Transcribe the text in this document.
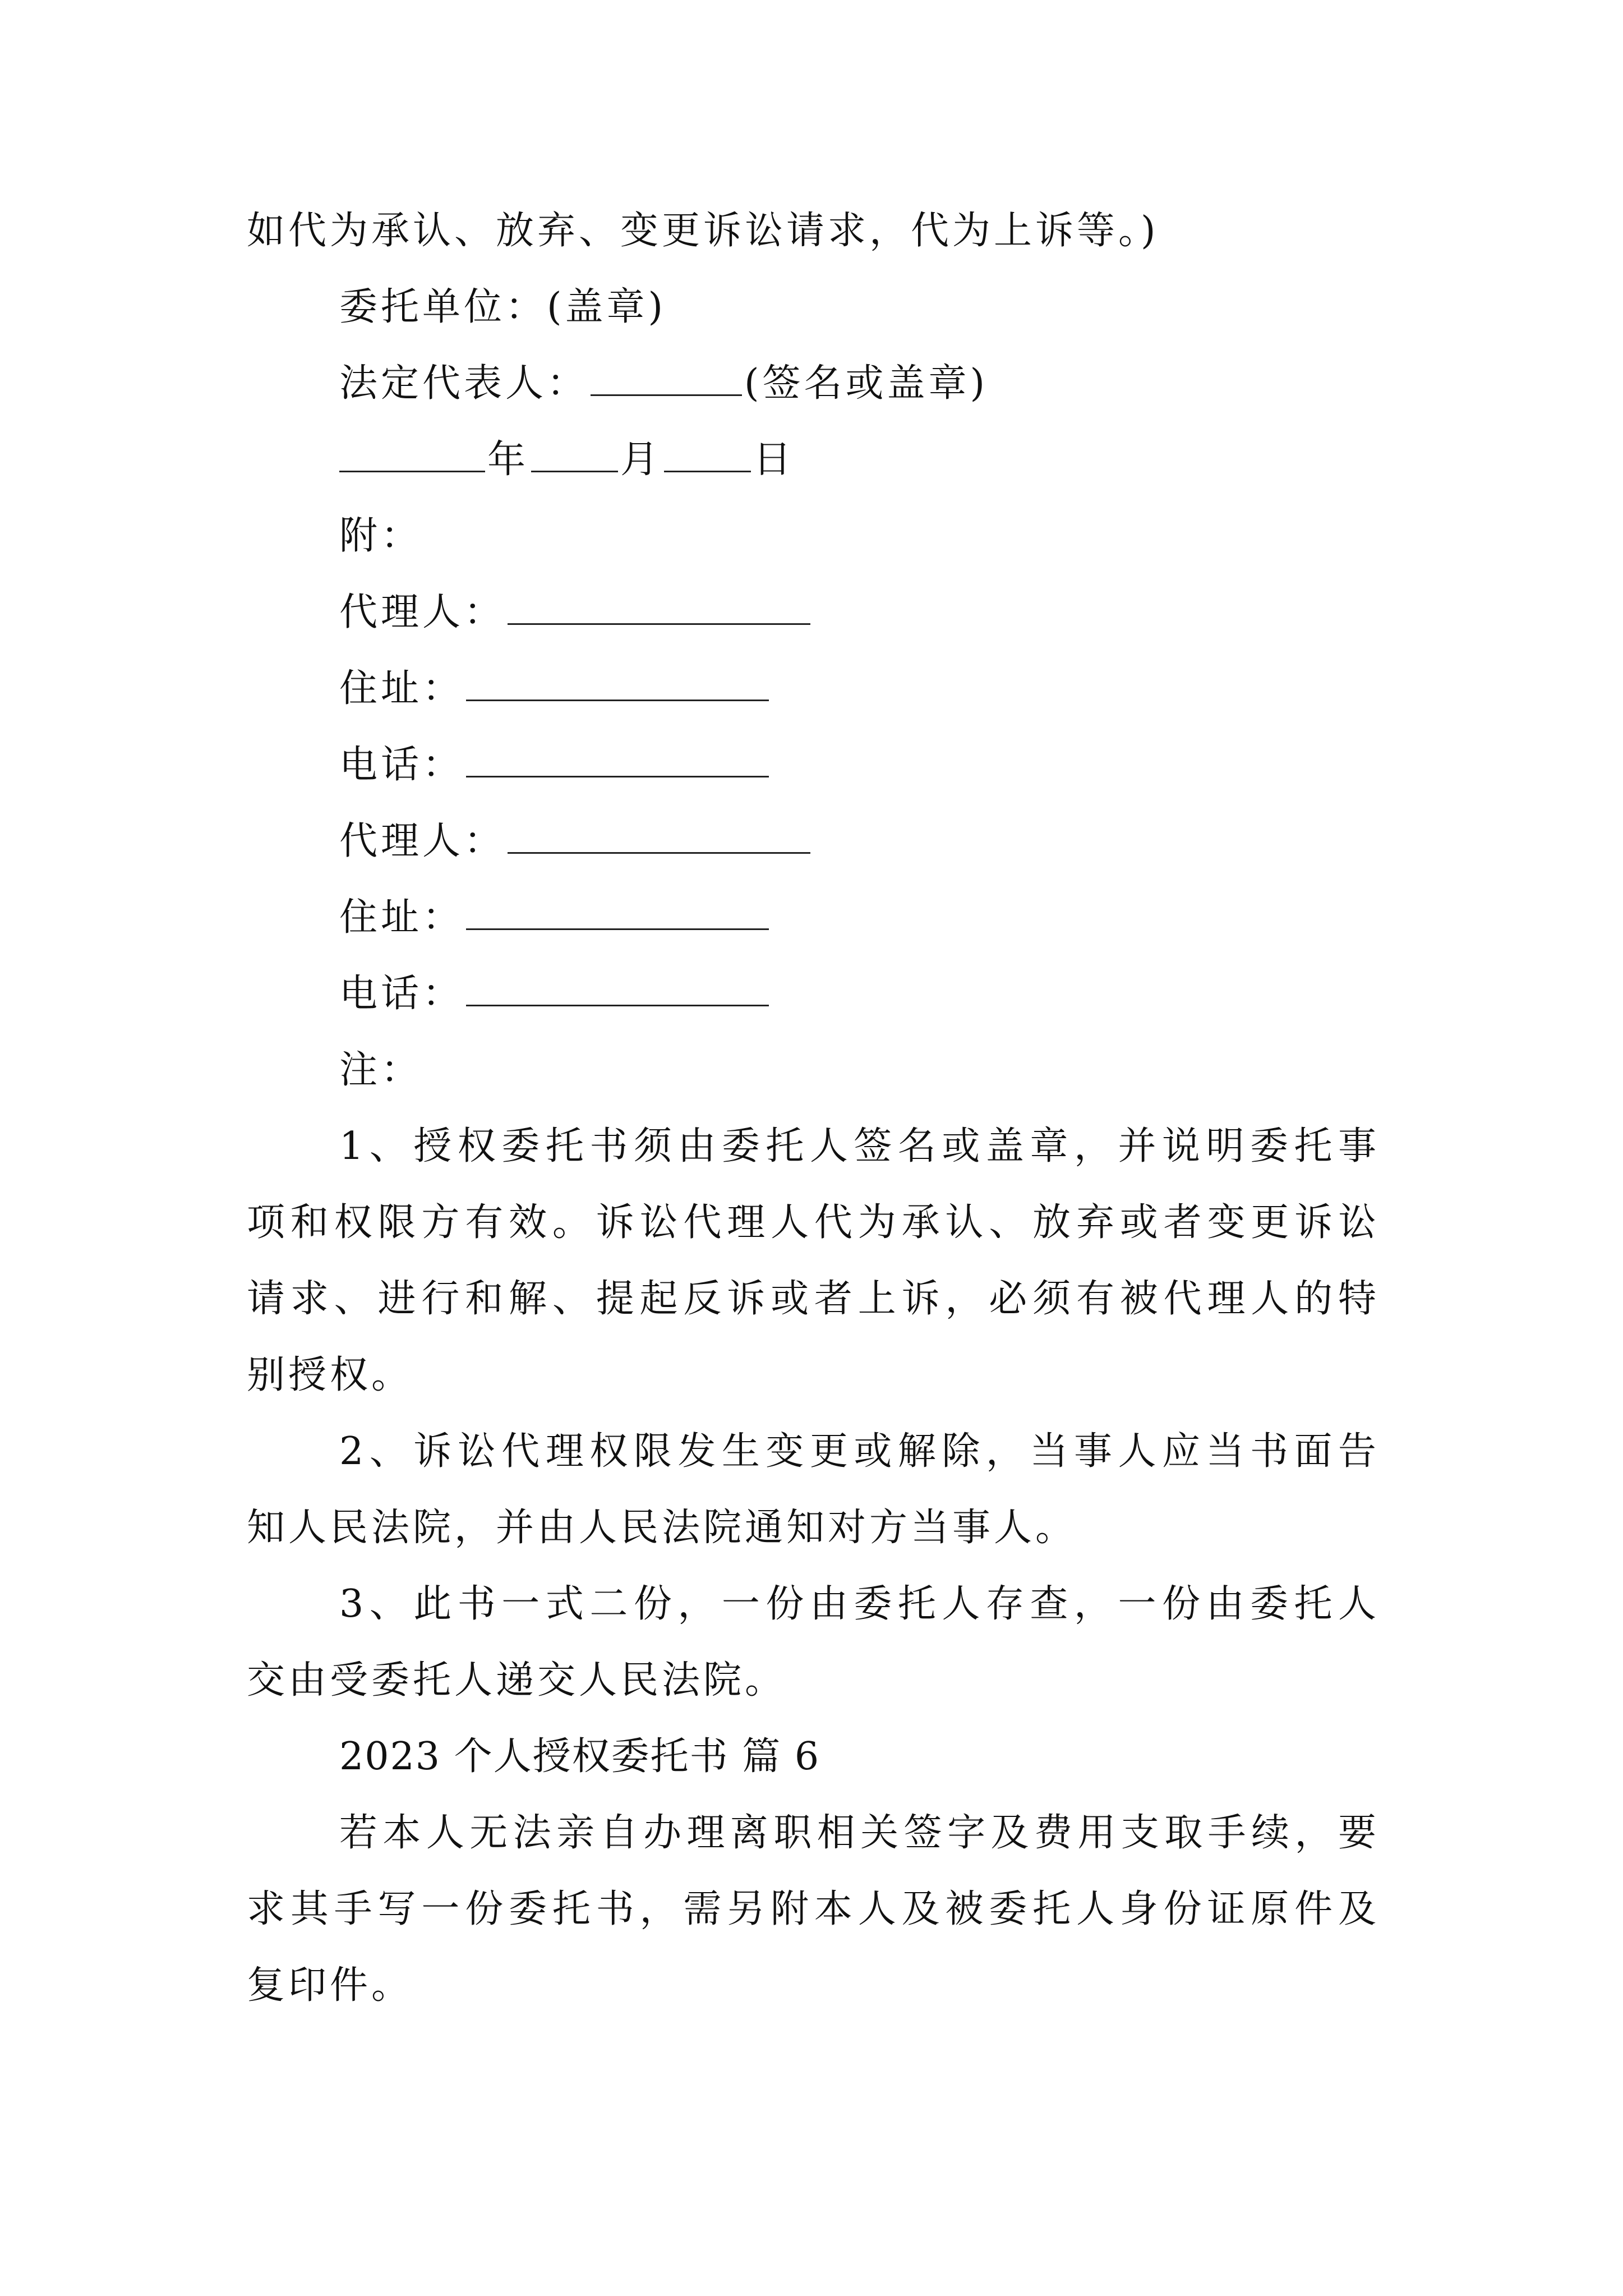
如代为承认、放弃、变更诉讼请求，代为上诉等。)
委托单位：(盖章)
法定代表人：	(签名或盖章)
年 月 日
附：
代理人：
住址：
电话：
代理人：
住址：
电话：
注：
1、授权委托书须由委托人签名或盖章，并说明委托事
项和权限方有效。诉讼代理人代为承认、放弃或者变更诉讼
请求、进行和解、提起反诉或者上诉，必须有被代理人的特
别授权。
2、诉讼代理权限发生变更或解除，当事人应当书面告
知人民法院，并由人民法院通知对方当事人。
3、此书一式二份，一份由委托人存查，一份由委托人
交由受委托人递交人民法院。
2023 个人授权委托书 篇 6
若本人无法亲自办理离职相关签字及费用支取手续，要
求其手写一份委托书，需另附本人及被委托人身份证原件及
复印件。
